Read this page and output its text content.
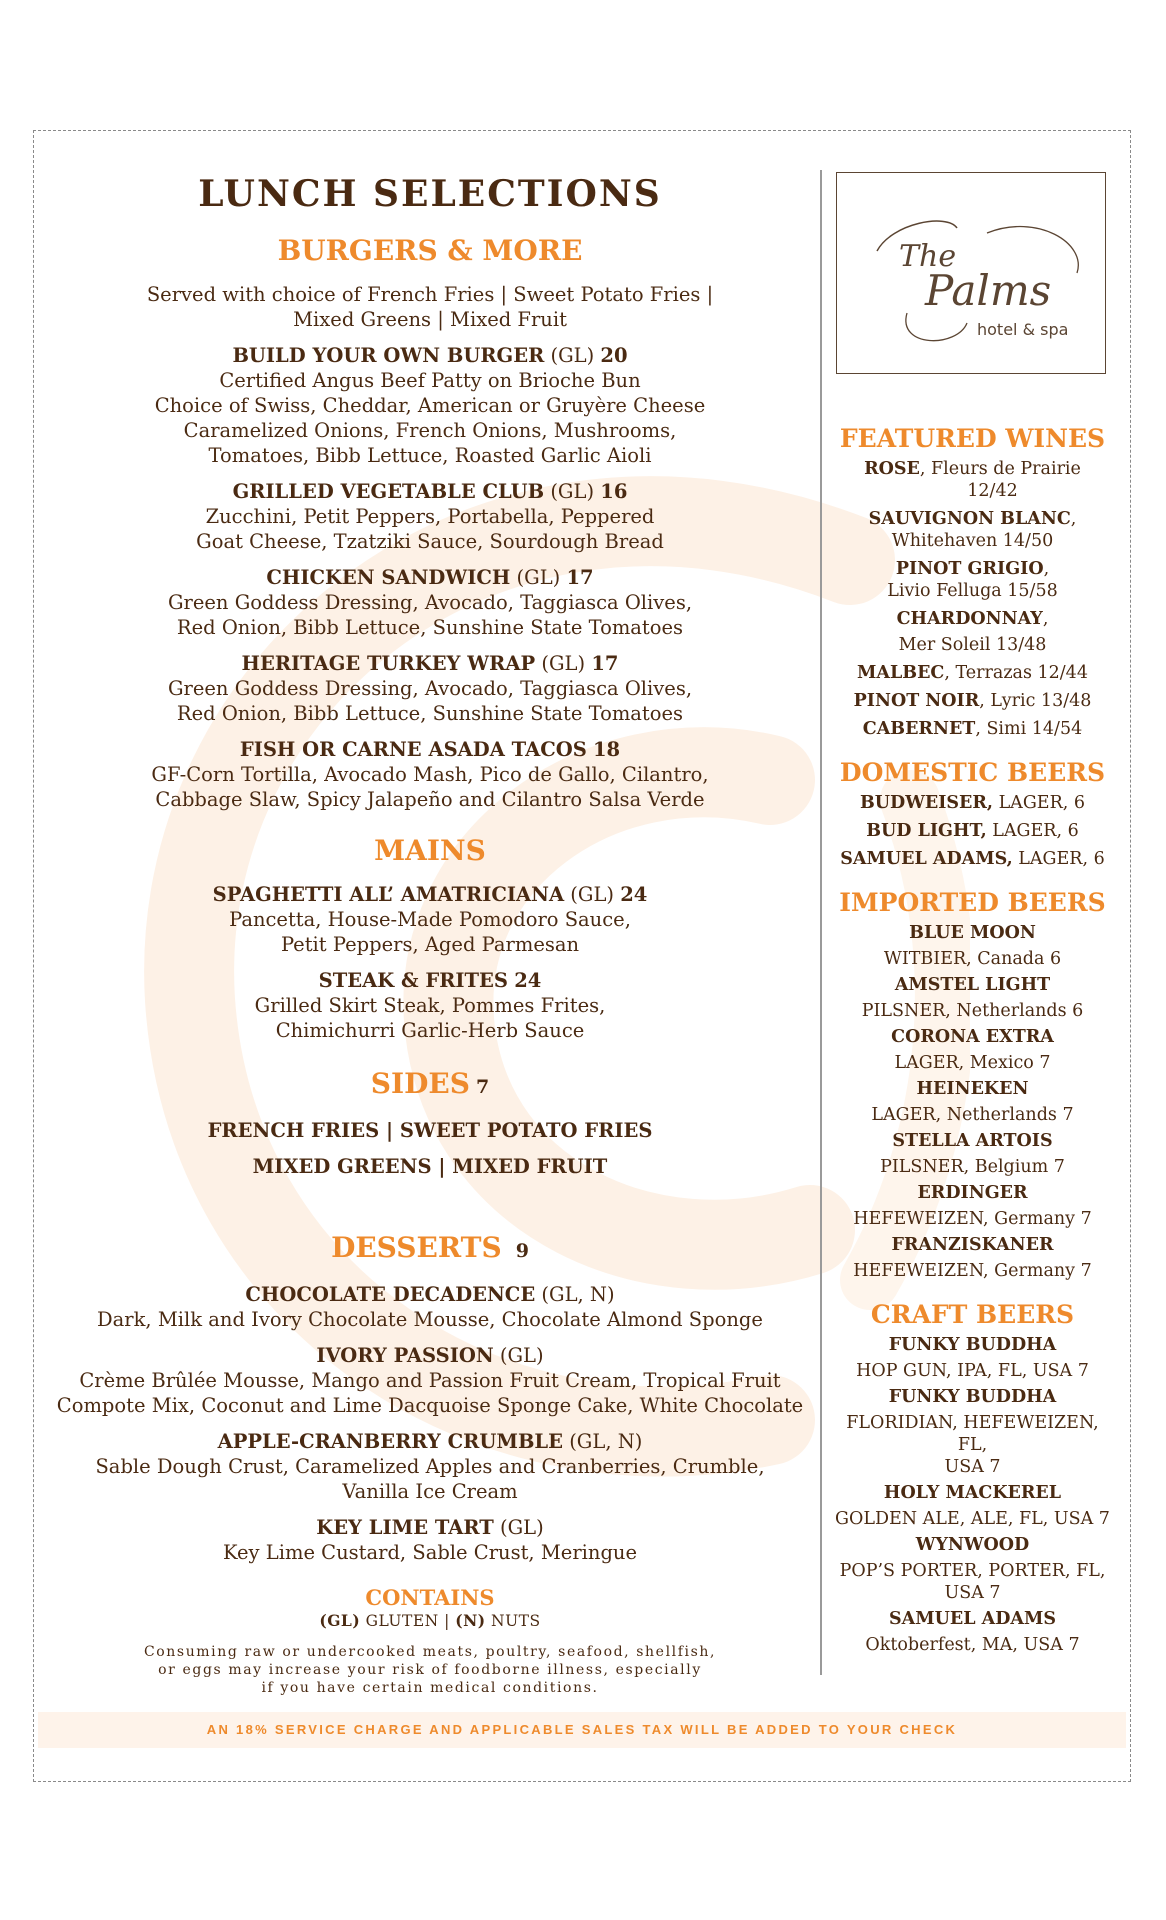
LUNCH SELECTIONS
BURGERS & MORE
Served with choice of French Fries | Sweet Potato Fries |
Mixed Greens | Mixed Fruit
BUILD YOUR OWN BURGER (GL) 20
Certified Angus Beef Patty on Brioche Bun
Choice of Swiss, Cheddar, American or Gruyère Cheese
Caramelized Onions, French Onions, Mushrooms,
Tomatoes, Bibb Lettuce, Roasted Garlic Aioli
GRILLED VEGETABLE CLUB (GL) 16
Zucchini, Petit Peppers, Portabella, Peppered
Goat Cheese, Tzatziki Sauce, Sourdough Bread
CHICKEN SANDWICH (GL) 17
Green Goddess Dressing, Avocado, Taggiasca Olives,
Red Onion, Bibb Lettuce, Sunshine State Tomatoes
HERITAGE TURKEY WRAP (GL) 17
Green Goddess Dressing, Avocado, Taggiasca Olives,
Red Onion, Bibb Lettuce, Sunshine State Tomatoes
FISH OR CARNE ASADA TACOS 18
GF-Corn Tortilla, Avocado Mash, Pico de Gallo, Cilantro,
Cabbage Slaw, Spicy Jalapeño and Cilantro Salsa Verde
MAINS
SPAGHETTI ALL’ AMATRICIANA (GL) 24
Pancetta, House-Made Pomodoro Sauce,
Petit Peppers, Aged Parmesan
STEAK & FRITES 24
Grilled Skirt Steak, Pommes Frites,
Chimichurri Garlic-Herb Sauce
SIDES 7
FRENCH FRIES | SWEET POTATO FRIES
MIXED GREENS | MIXED FRUIT
DESSERTS 9
CHOCOLATE DECADENCE (GL, N)
Dark, Milk and Ivory Chocolate Mousse, Chocolate Almond Sponge
IVORY PASSION (GL)
Crème Brûlée Mousse, Mango and Passion Fruit Cream, Tropical Fruit
Compote Mix, Coconut and Lime Dacquoise Sponge Cake, White Chocolate
APPLE-CRANBERRY CRUMBLE (GL, N)
Sable Dough Crust, Caramelized Apples and Cranberries, Crumble,
Vanilla Ice Cream
KEY LIME TART (GL)
Key Lime Custard, Sable Crust, Meringue
CONTAINS
(GL) GLUTEN | (N) NUTS
Consuming raw or undercooked meats, poultry, seafood, shellfish,
or eggs may increase your risk of foodborne illness, especially
if you have certain medical conditions.
The
Palms
hotel & spa
FEATURED WINES
ROSE, Fleurs de Prairie
12/42
SAUVIGNON BLANC,
Whitehaven 14/50
PINOT GRIGIO,
Livio Felluga 15/58
CHARDONNAY,
Mer Soleil 13/48
MALBEC, Terrazas 12/44
PINOT NOIR, Lyric 13/48
CABERNET, Simi 14/54
DOMESTIC BEERS
BUDWEISER, LAGER, 6
BUD LIGHT, LAGER, 6
SAMUEL ADAMS, LAGER, 6
IMPORTED BEERS
BLUE MOON
WITBIER, Canada 6
AMSTEL LIGHT
PILSNER, Netherlands 6
CORONA EXTRA
LAGER, Mexico 7
HEINEKEN
LAGER, Netherlands 7
STELLA ARTOIS
PILSNER, Belgium 7
ERDINGER
HEFEWEIZEN, Germany 7
FRANZISKANER
HEFEWEIZEN, Germany 7
CRAFT BEERS
FUNKY BUDDHA
HOP GUN, IPA, FL, USA 7
FUNKY BUDDHA
FLORIDIAN, HEFEWEIZEN, FL,
USA 7
HOLY MACKEREL
GOLDEN ALE, ALE, FL, USA 7
WYNWOOD
POP’S PORTER, PORTER, FL,
USA 7
SAMUEL ADAMS
Oktoberfest, MA, USA 7
AN 18% SERVICE CHARGE AND APPLICABLE SALES TAX WILL BE ADDED TO YOUR CHECK
